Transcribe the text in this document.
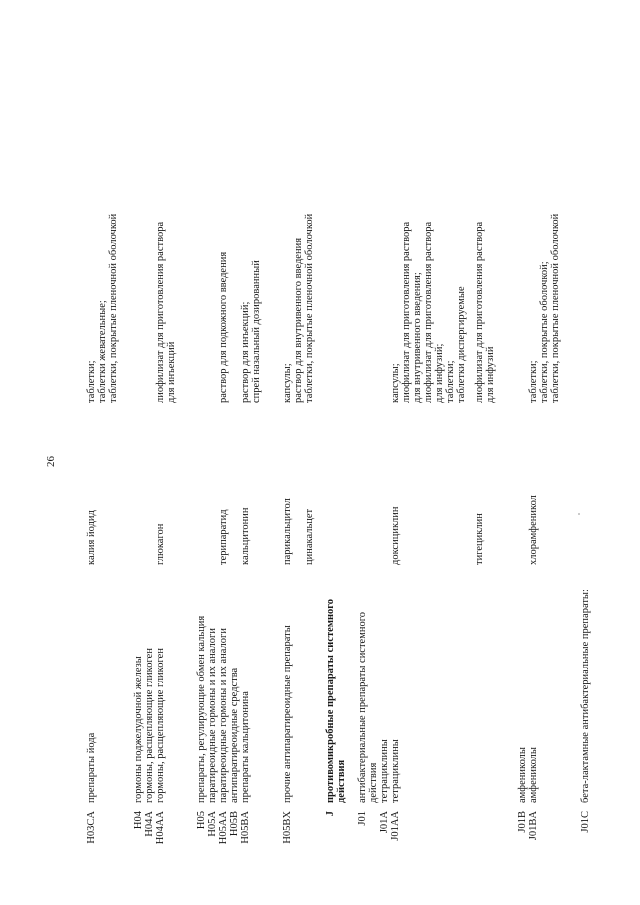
26
H03CA
препараты йода
калия йодид
таблетки; таблетки жевательные; таблетки, покрытые пленочной оболочкой
H04
гормоны поджелудочной железы
H04A
гормоны, расщепляющие гликоген
H04AA
гормоны, расщепляющие гликоген
глюкагон
лиофилизат для приготовления раствора для инъекций
H05
препараты, регулирующие обмен кальция
H05A
паратиреоидные гормоны и их аналоги
H05AA
паратиреоидные гормоны и их аналоги
терипаратид
раствор для подкожного введения
H05B
антипаратиреоидные средства
H05BA
препараты кальцитонина
кальцитонин
раствор для инъекций; спрей назальный дозированный
H05BX
прочие антипаратиреоидные препараты
парикальцитол
капсулы; раствор для внутривенного введения
цинакальцет
таблетки, покрытые пленочной оболочкой
J
противомикробные препараты системного действия
J01
антибактериальные препараты системного действия
J01A
тетрациклины
J01AA
тетрациклины
доксициклин
капсулы; лиофилизат для приготовления раствора для внутривенного введения; лиофилизат для приготовления раствора для инфузий; таблетки; таблетки диспергируемые
тигециклин
лиофилизат для приготовления раствора для инфузий
J01B
амфениколы
J01BA
амфениколы
хлорамфеникол
таблетки; таблетки, покрытые оболочкой; таблетки, покрытые пленочной оболочкой
J01C
бета-лактамные антибактериальные препараты:
